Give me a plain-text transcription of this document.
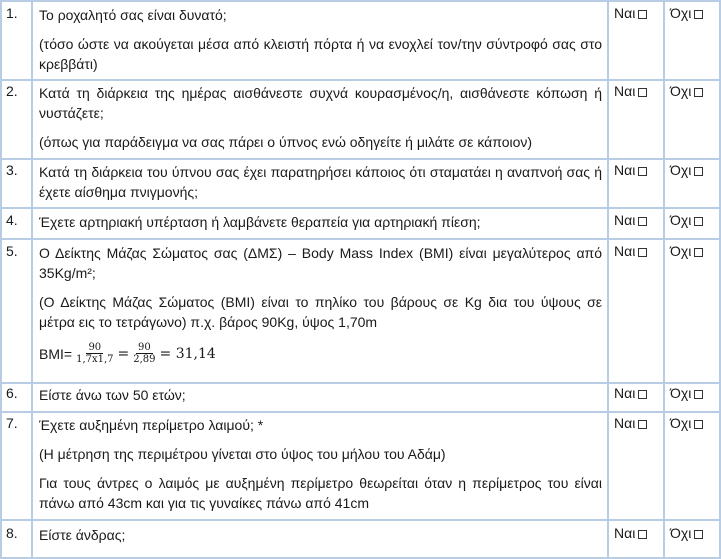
1. Το ροχαλητό σας είναι δυνατό;

(τόσο ώστε να ακούγεται μέσα από κλειστή πόρτα ή να ενοχλεί τον/την σύντροφό σας στο κρεββάτι)

Ναι	Όχι
2. Κατά τη διάρκεια της ημέρας αισθάνεστε συχνά κουρασμένος/η, αισθάνεστε κόπωση ή νυστάζετε;

(όπως για παράδειγμα να σας πάρει ο ύπνος ενώ οδηγείτε ή μιλάτε σε κάποιον)

Ναι	Όχι
3. Κατά τη διάρκεια του ύπνου σας έχει παρατηρήσει κάποιος ότι σταματάει η αναπνοή σας ή έχετε αίσθημα πνιγμονής;

Ναι	Όχι
4. Έχετε αρτηριακή υπέρταση ή λαμβάνετε θεραπεία για αρτηριακή πίεση;	Ναι	Όχι
5. Ο Δείκτης Μάζας Σώματος σας (ΔΜΣ) – Body Mass Index (BMI) είναι μεγαλύτερος από 35Kg/m²;

(Ο Δείκτης Μάζας Σώματος (BMI) είναι το πηλίκο του βάρους σε Kg δια του ύψους σε μέτρα εις το τετράγωνο) π.χ. βάρος 90Kg, ύψος 1,70m

$BMI= \frac{90}{1,7x1,7} = \frac{90}{2,89} = 31,14$
Ναι	Όχι
6. Είστε άνω των 50 ετών;	Ναι	Όχι
7. Έχετε αυξημένη περίμετρο λαιμού; *

(Η μέτρηση της περιμέτρου γίνεται στο ύψος του μήλου του Αδάμ)

Για τους άντρες ο λαιμός με αυξημένη περίμετρο θεωρείται όταν η περίμετρος του είναι πάνω από 43cm και για τις γυναίκες πάνω από 41cm

Ναι	Όχι
8. Είστε άνδρας;	Ναι	Όχι
